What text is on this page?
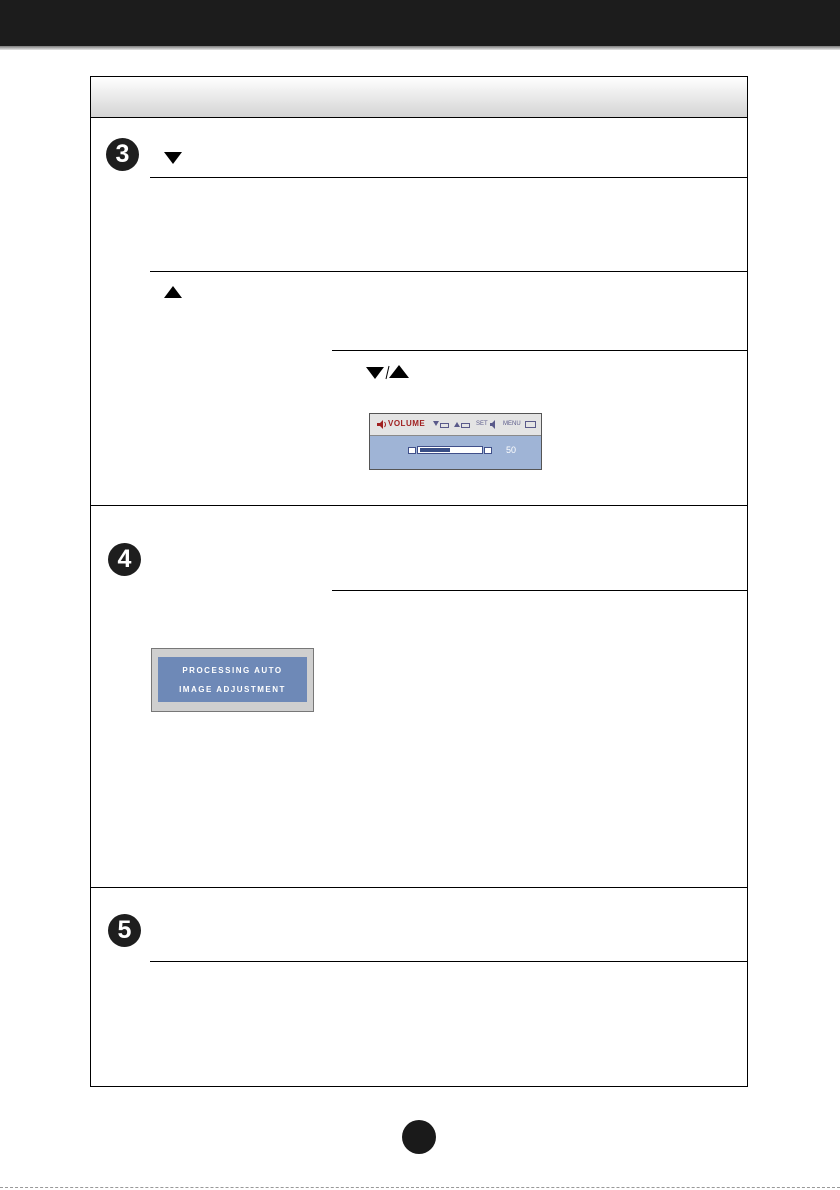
3
VOLUME	SET	MENU
50
4
PROCESSING AUTO
IMAGE ADJUSTMENT
5
